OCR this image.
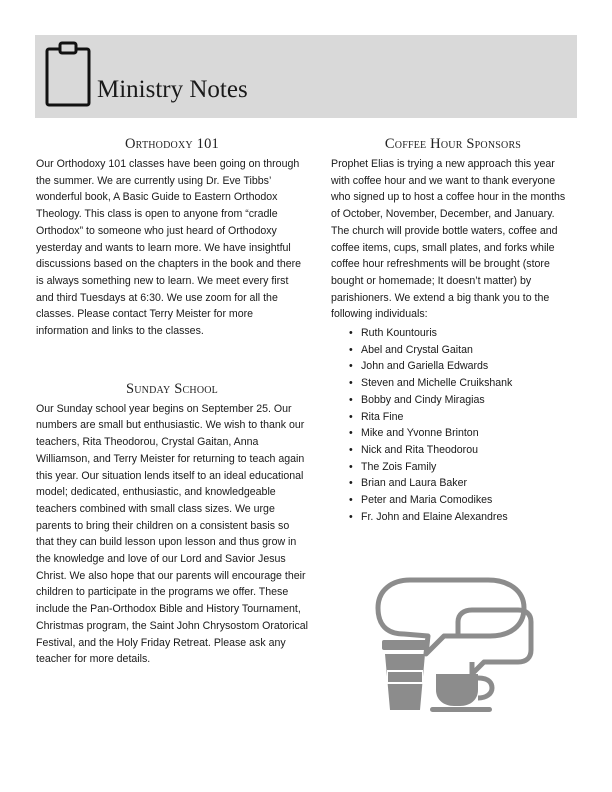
Ministry Notes
Orthodoxy 101

Our Orthodoxy 101 classes have been going on through the summer. We are currently using Dr. Eve Tibbs’ wonderful book, A Basic Guide to Eastern Orthodox Theology. This class is open to anyone from “cradle Orthodox” to someone who just heard of Orthodoxy yesterday and wants to learn more. We have insightful discussions based on the chapters in the book and there is always something new to learn. We meet every first and third Tuesdays at 6:30. We use zoom for all the classes. Please contact Terry Meister for more information and links to the classes.

Sunday School

Our Sunday school year begins on September 25. Our numbers are small but enthusiastic. We wish to thank our teachers, Rita Theodorou, Crystal Gaitan, Anna Williamson, and Terry Meister for returning to teach again this year. Our situation lends itself to an ideal educational model; dedicated, enthusiastic, and knowledgeable teachers combined with small class sizes. We urge parents to bring their children on a consistent basis so that they can build lesson upon lesson and thus grow in the knowledge and love of our Lord and Savior Jesus Christ. We also hope that our parents will encourage their children to participate in the programs we offer. These include the Pan-Orthodox Bible and History Tournament, Christmas program, the Saint John Chrysostom Oratorical Festival, and the Holy Friday Retreat. Please ask any teacher for more details.

Coffee Hour Sponsors

Prophet Elias is trying a new approach this year with coffee hour and we want to thank everyone who signed up to host a coffee hour in the months of October, November, December, and January. The church will provide bottle waters, coffee and coffee items, cups, small plates, and forks while coffee hour refreshments will be brought (store bought or homemade; It doesn’t matter) by parishioners. We extend a big thank you to the following individuals:

• Ruth Kountouris
• Abel and Crystal Gaitan
• John and Gariella Edwards
• Steven and Michelle Cruikshank
• Bobby and Cindy Miragias
• Rita Fine
• Mike and Yvonne Brinton
• Nick and Rita Theodorou
• The Zois Family
• Brian and Laura Baker
• Peter and Maria Comodikes
• Fr. John and Elaine Alexandres
